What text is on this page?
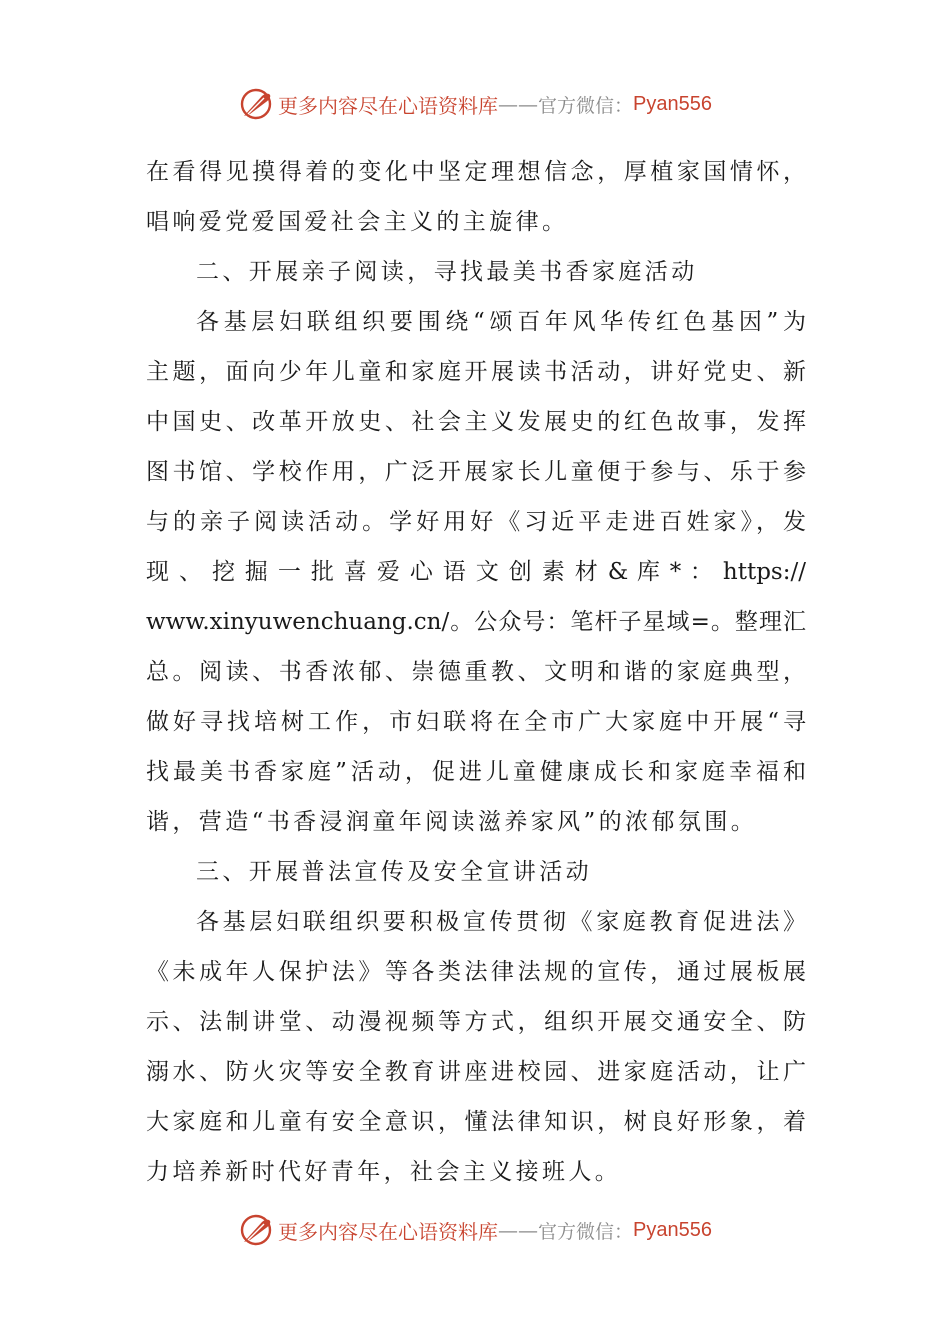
更多内容尽在心语资料库 —— 官方微信： Pyan556
在看得见摸得着的变化中坚定理想信念，厚植家国情怀，
唱响爱党爱国爱社会主义的主旋律。
二、开展亲子阅读，寻找最美书香家庭活动
各基层妇联组织要围绕“颂百年风华传红色基因”为
主题，面向少年儿童和家庭开展读书活动，讲好党史、新
中国史、改革开放史、社会主义发展史的红色故事，发挥
图书馆、学校作用，广泛开展家长儿童便于参与、乐于参
与的亲子阅读活动。学好用好《习近平走进百姓家》，发
现 、 挖 掘 一 批 喜 爱 心 语 文 创 素 材 & 库 * ： https://
www.xinyuwenchuang.cn/。公众号：笔杆子星域=。整理汇
总。阅读、书香浓郁、崇德重教、文明和谐的家庭典型，
做好寻找培树工作，市妇联将在全市广大家庭中开展“寻
找最美书香家庭”活动，促进儿童健康成长和家庭幸福和
谐，营造“书香浸润童年阅读滋养家风”的浓郁氛围。
三、开展普法宣传及安全宣讲活动
各基层妇联组织要积极宣传贯彻《家庭教育促进法》
《未成年人保护法》等各类法律法规的宣传，通过展板展
示、法制讲堂、动漫视频等方式，组织开展交通安全、防
溺水、防火灾等安全教育讲座进校园、进家庭活动，让广
大家庭和儿童有安全意识，懂法律知识，树良好形象，着
力培养新时代好青年，社会主义接班人。
更多内容尽在心语资料库 —— 官方微信： Pyan556
